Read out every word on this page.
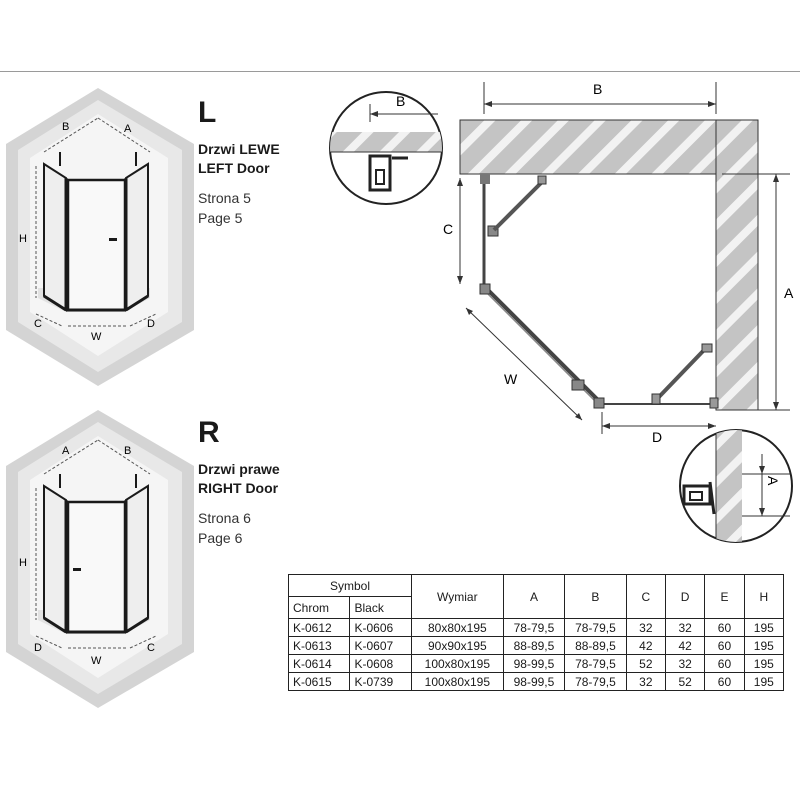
B	A
H
C
W
D
L
Drzwi LEWE
LEFT Door
Strona 5
Page 5
A	B
H
D
W
C
R
Drzwi prawe
RIGHT Door
Strona 6
Page 6
B
A
C
W
D
B
A
Symbol		Wymiar	A	B	C	D	E	H
Chrom	Black							
K-0612	K-0606	80x80x195	78-79,5	78-79,5	32	32	60	195
K-0613	K-0607	90x90x195	88-89,5	88-89,5	42	42	60	195
K-0614	K-0608	100x80x195	98-99,5	78-79,5	52	32	60	195
K-0615	K-0739	100x80x195	98-99,5	78-79,5	32	52	60	195
